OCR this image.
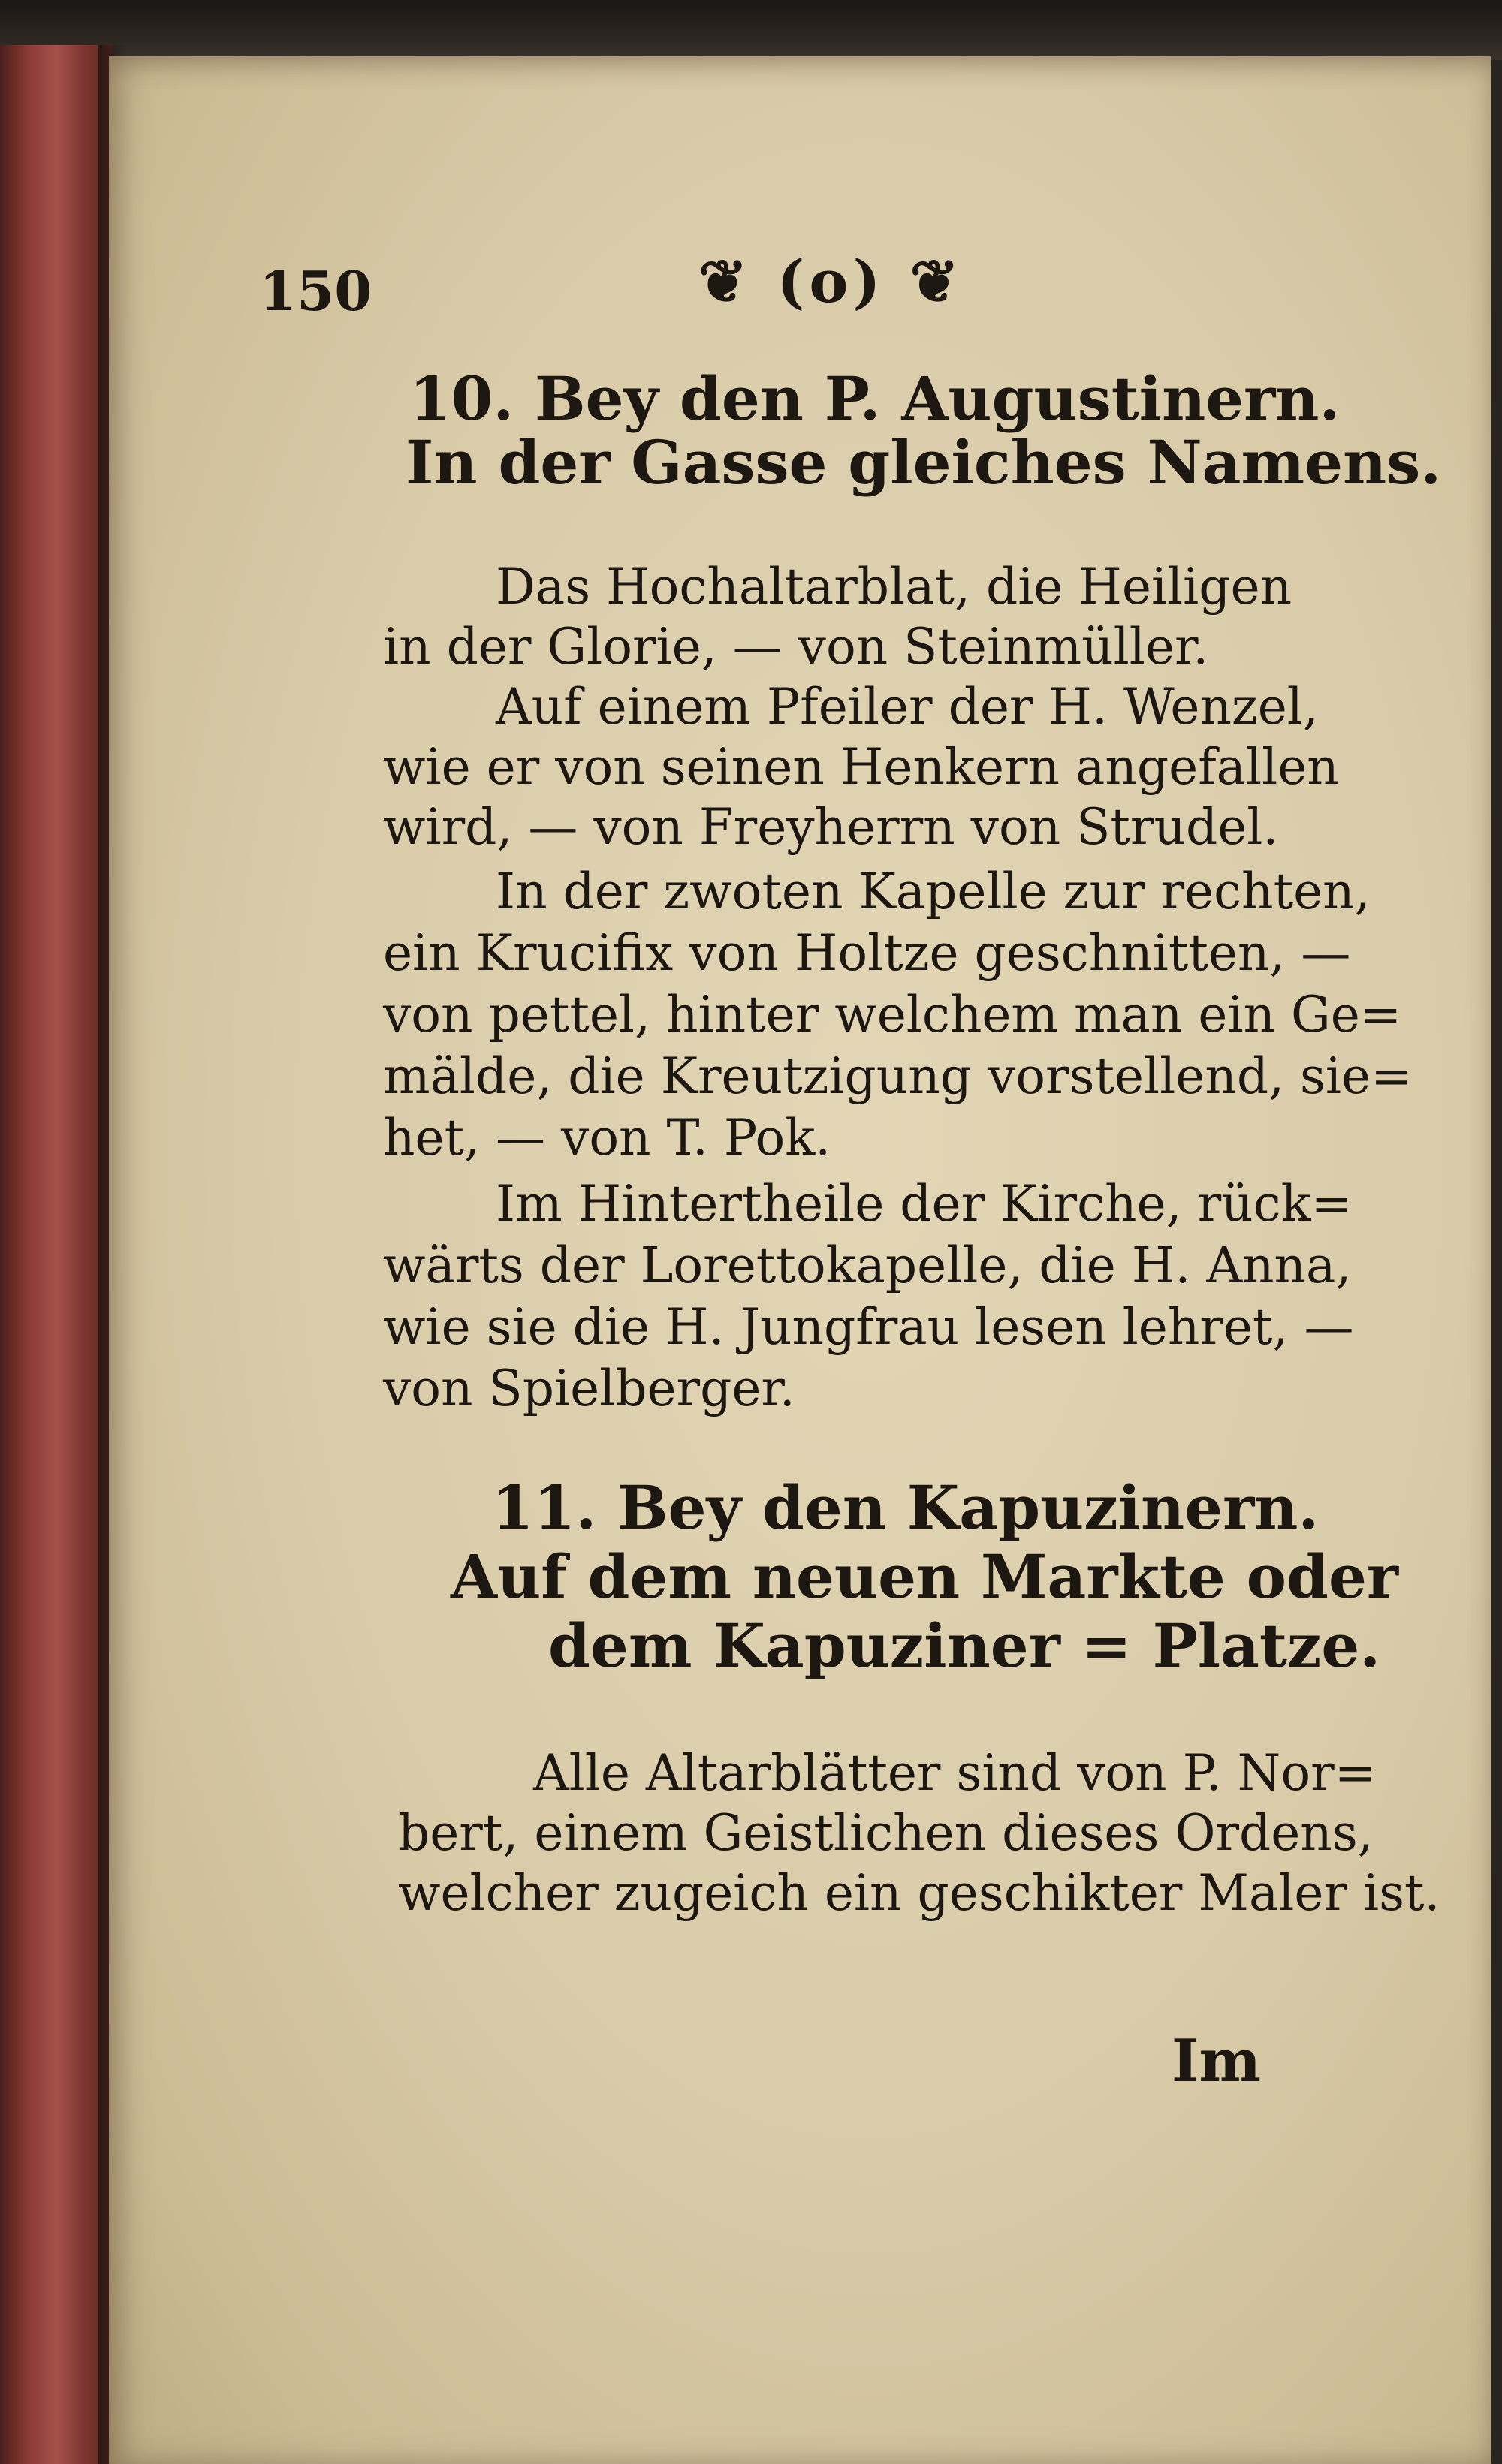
150	❦ (o) ❦
10. Bey den P. Augustinern.
In der Gasse gleiches Namens.
Das Hochaltarblat, die Heiligen
in der Glorie, — von Steinmüller.
Auf einem Pfeiler der H. Wenzel,
wie er von seinen Henkern angefallen
wird, — von Freyherrn von Strudel.
In der zwoten Kapelle zur rechten,
ein Krucifix von Holtze geschnitten, —
von pettel, hinter welchem man ein Ge=
mälde, die Kreutzigung vorstellend, sie=
het, — von T. Pok.
Im Hintertheile der Kirche, rück=
wärts der Lorettokapelle, die H. Anna,
wie sie die H. Jungfrau lesen lehret, —
von Spielberger.
11. Bey den Kapuzinern.
Auf dem neuen Markte oder
dem Kapuziner = Platze.
Alle Altarblätter sind von P. Nor=
bert, einem Geistlichen dieses Ordens,
welcher zugeich ein geschikter Maler ist.
Im
